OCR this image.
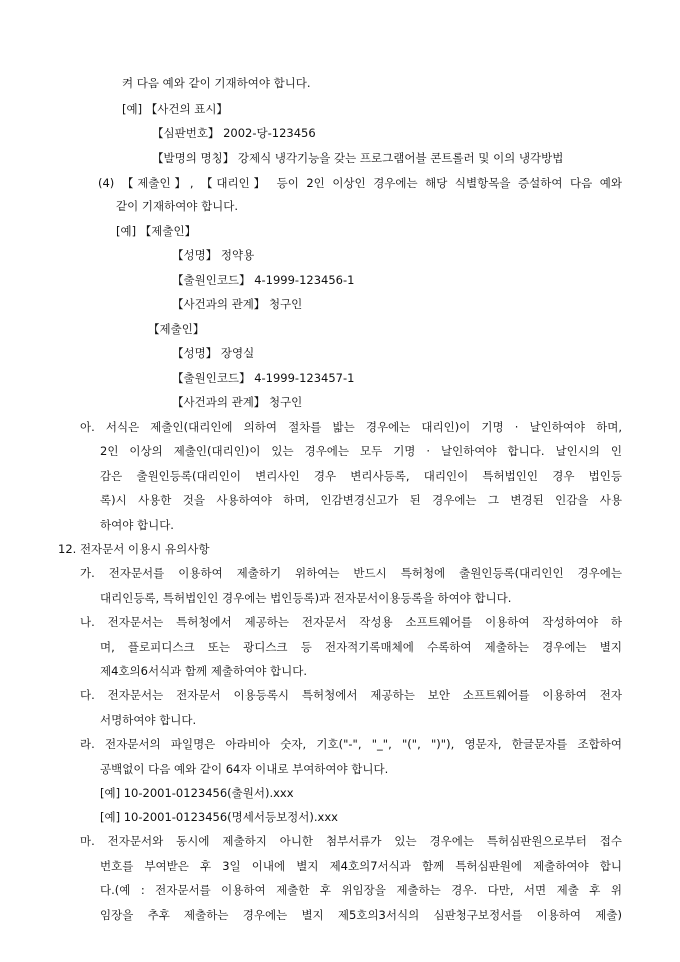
켜 다음 예와 같이 기재하여야 합니다.
[예] 【사건의 표시】
【심판번호】 2002-당-123456
【발명의 명칭】 강제식 냉각기능을 갖는 프로그램어블 콘트롤러 및 이의 냉각방법
(4) 【제출인】, 【대리인】 등이 2인 이상인 경우에는 해당 식별항목을 증설하여 다음 예와
같이 기재하여야 합니다.
[예] 【제출인】
【성명】 정약용
【출원인코드】 4-1999-123456-1
【사건과의 관계】 청구인
【제출인】
【성명】 장영실
【출원인코드】 4-1999-123457-1
【사건과의 관계】 청구인
아. 서식은 제출인(대리인에 의하여 절차를 밟는 경우에는 대리인)이 기명 · 날인하여야 하며,
2인 이상의 제출인(대리인)이 있는 경우에는 모두 기명 · 날인하여야 합니다. 날인시의 인
감은 출원인등록(대리인이 변리사인 경우 변리사등록, 대리인이 특허법인인 경우 법인등
록)시 사용한 것을 사용하여야 하며, 인감변경신고가 된 경우에는 그 변경된 인감을 사용
하여야 합니다.
12. 전자문서 이용시 유의사항
가. 전자문서를 이용하여 제출하기 위하여는 반드시 특허청에 출원인등록(대리인인 경우에는
대리인등록, 특허법인인 경우에는 법인등록)과 전자문서이용등록을 하여야 합니다.
나. 전자문서는 특허청에서 제공하는 전자문서 작성용 소프트웨어를 이용하여 작성하여야 하
며, 플로피디스크 또는 광디스크 등 전자적기록매체에 수록하여 제출하는 경우에는 별지
제4호의6서식과 함께 제출하여야 합니다.
다. 전자문서는 전자문서 이용등록시 특허청에서 제공하는 보안 소프트웨어를 이용하여 전자
서명하여야 합니다.
라. 전자문서의 파일명은 아라비아 숫자, 기호("-", "_", "(", ")"), 영문자, 한글문자를 조합하여
공백없이 다음 예와 같이 64자 이내로 부여하여야 합니다.
[예] 10-2001-0123456(출원서).xxx
[예] 10-2001-0123456(명세서등보정서).xxx
마. 전자문서와 동시에 제출하지 아니한 첨부서류가 있는 경우에는 특허심판원으로부터 접수
번호를 부여받은 후 3일 이내에 별지 제4호의7서식과 함께 특허심판원에 제출하여야 합니
다.(예 : 전자문서를 이용하여 제출한 후 위임장을 제출하는 경우. 다만, 서면 제출 후 위
임장을 추후 제출하는 경우에는 별지 제5호의3서식의 심판청구보정서를 이용하여 제출)
